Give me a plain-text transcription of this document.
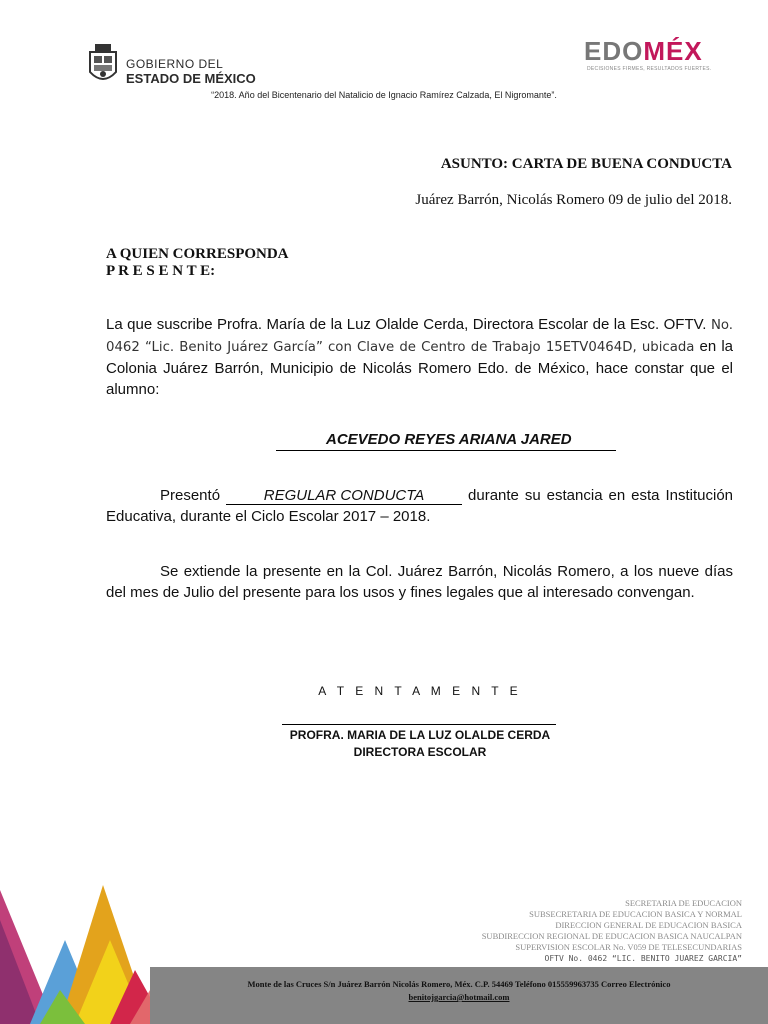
GOBIERNO DEL
ESTADO DE MÉXICO
EDOMÉX
DECISIONES FIRMES, RESULTADOS FUERTES.
“2018. Año del Bicentenario del Natalicio de Ignacio Ramírez Calzada, El Nigromante”.
ASUNTO: CARTA DE BUENA CONDUCTA
Juárez Barrón, Nicolás Romero 09 de julio del 2018.
A QUIEN CORRESPONDA
P R E S E N T E:
La que suscribe Profra. María de la Luz Olalde Cerda, Directora Escolar de la Esc. OFTV. No. 0462 “Lic. Benito Juárez García” con Clave de Centro de Trabajo 15ETV0464D, ubicada en la Colonia Juárez Barrón, Municipio de Nicolás Romero Edo. de México, hace constar que el alumno:
ACEVEDO REYES ARIANA JARED
Presentó	REGULAR CONDUCTA	durante su estancia en esta Institución Educativa, durante el Ciclo Escolar 2017 – 2018.
Se extiende la presente en la Col. Juárez Barrón, Nicolás Romero, a los nueve días del mes de Julio del presente para los usos y fines legales que al interesado convengan.
A T E N T A M E N T E
PROFRA. MARIA DE LA LUZ OLALDE CERDA
DIRECTORA ESCOLAR
SECRETARIA DE EDUCACION
SUBSECRETARIA DE EDUCACION BASICA Y NORMAL
DIRECCION GENERAL DE EDUCACION BASICA
SUBDIRECCION REGIONAL DE EDUCACION BASICA NAUCALPAN
SUPERVISION ESCOLAR No. V059 DE TELESECUNDARIAS
OFTV No. 0462 “LIC. BENITO JUAREZ GARCIA”
Monte de las Cruces S/n Juárez Barrón Nicolás Romero, Méx. C.P. 54469 Teléfono 015559963735 Correo Electrónico
benitojgarcia@hotmail.com
